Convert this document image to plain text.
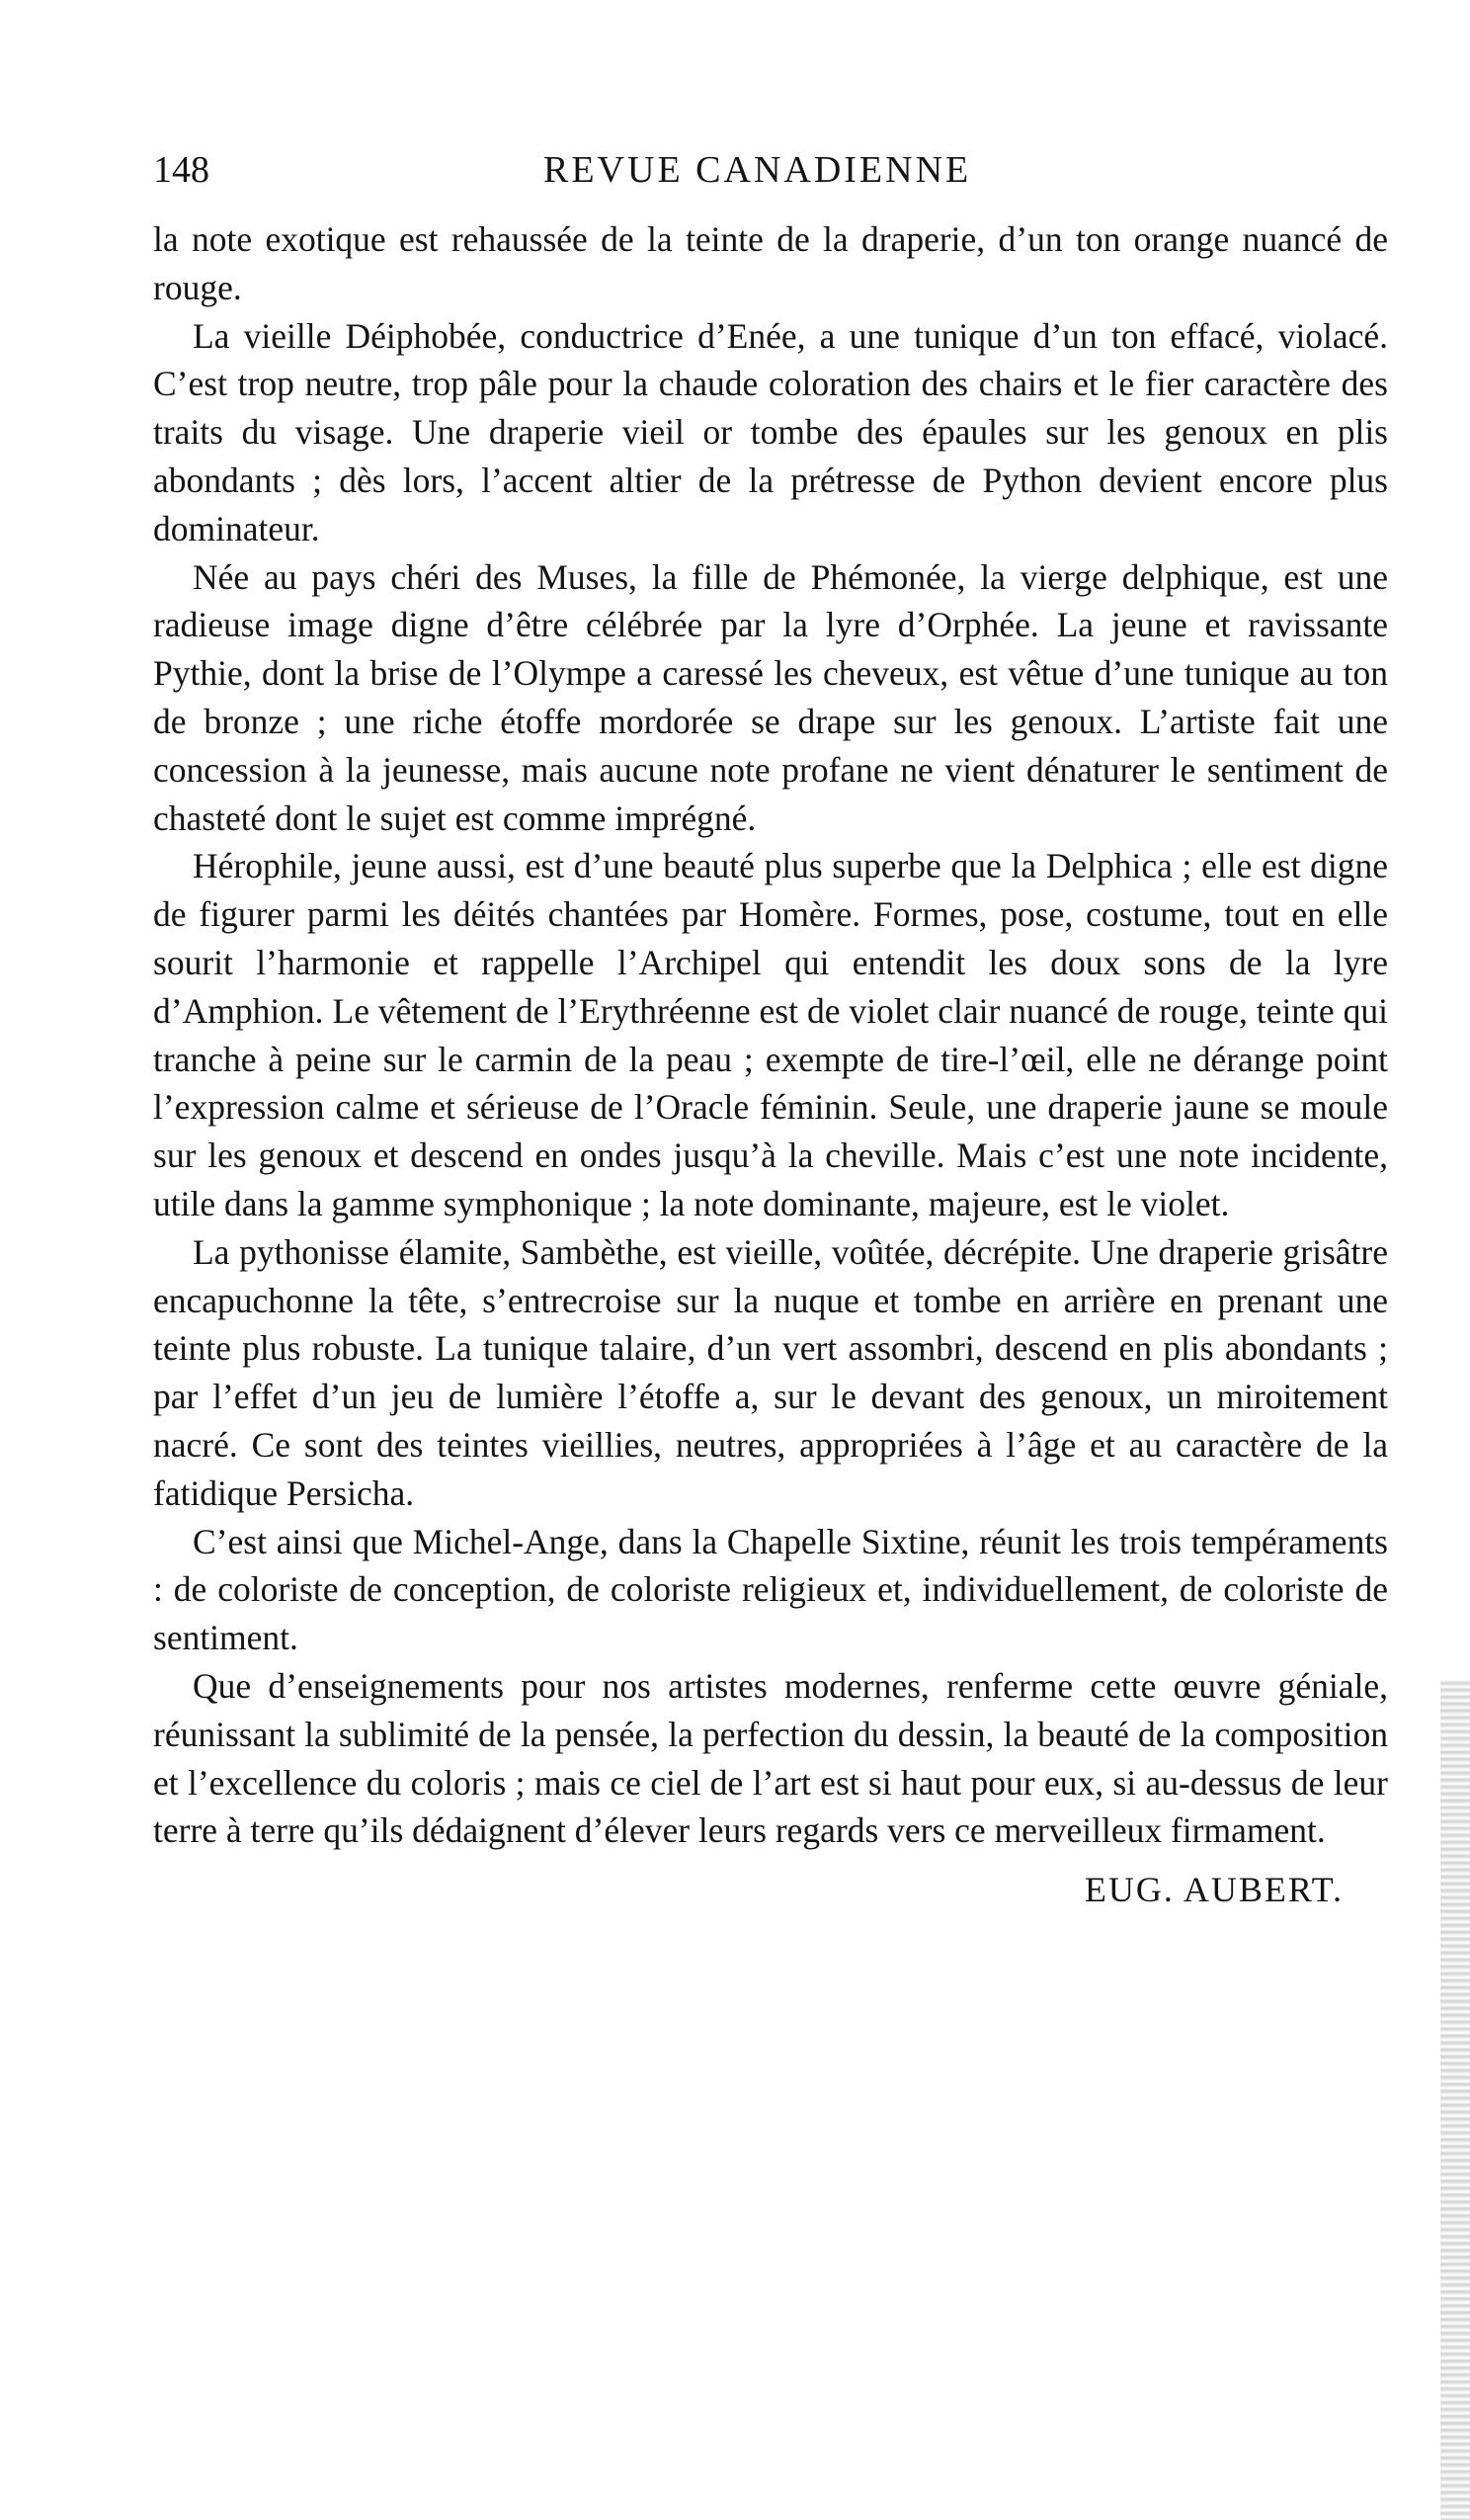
148	REVUE CANADIENNE

la note exotique est rehaussée de la teinte de la draperie, d’un ton orange nuancé de rouge.

La vieille Déiphobée, conductrice d’Enée, a une tunique d’un ton effacé, violacé. C’est trop neutre, trop pâle pour la chaude coloration des chairs et le fier caractère des traits du visage. Une draperie vieil or tombe des épaules sur les genoux en plis abondants ; dès lors, l’accent altier de la prétresse de Python devient encore plus dominateur.

Née au pays chéri des Muses, la fille de Phémonée, la vierge delphique, est une radieuse image digne d’être célébrée par la lyre d’Orphée. La jeune et ravissante Pythie, dont la brise de l’Olympe a caressé les cheveux, est vêtue d’une tunique au ton de bronze ; une riche étoffe mordorée se drape sur les genoux. L’artiste fait une concession à la jeunesse, mais aucune note profane ne vient dénaturer le sentiment de chasteté dont le sujet est comme imprégné.

Hérophile, jeune aussi, est d’une beauté plus superbe que la Delphica ; elle est digne de figurer parmi les déités chantées par Homère. Formes, pose, costume, tout en elle sourit l’harmonie et rappelle l’Archipel qui entendit les doux sons de la lyre d’Amphion. Le vêtement de l’Erythréenne est de violet clair nuancé de rouge, teinte qui tranche à peine sur le carmin de la peau ; exempte de tire-l’œil, elle ne dérange point l’expression calme et sérieuse de l’Oracle féminin. Seule, une draperie jaune se moule sur les genoux et descend en ondes jusqu’à la cheville. Mais c’est une note incidente, utile dans la gamme symphonique ; la note dominante, majeure, est le violet.

La pythonisse élamite, Sambèthe, est vieille, voûtée, décrépite. Une draperie grisâtre encapuchonne la tête, s’entrecroise sur la nuque et tombe en arrière en prenant une teinte plus robuste. La tunique talaire, d’un vert assombri, descend en plis abondants ; par l’effet d’un jeu de lumière l’étoffe a, sur le devant des genoux, un miroitement nacré. Ce sont des teintes vieillies, neutres, appropriées à l’âge et au caractère de la fatidique Persicha.

C’est ainsi que Michel-Ange, dans la Chapelle Sixtine, réunit les trois tempéraments : de coloriste de conception, de coloriste religieux et, individuellement, de coloriste de sentiment.

Que d’enseignements pour nos artistes modernes, renferme cette œuvre géniale, réunissant la sublimité de la pensée, la perfection du dessin, la beauté de la composition et l’excellence du coloris ; mais ce ciel de l’art est si haut pour eux, si au-dessus de leur terre à terre qu’ils dédaignent d’élever leurs regards vers ce merveilleux firmament.

EUG. AUBERT.
